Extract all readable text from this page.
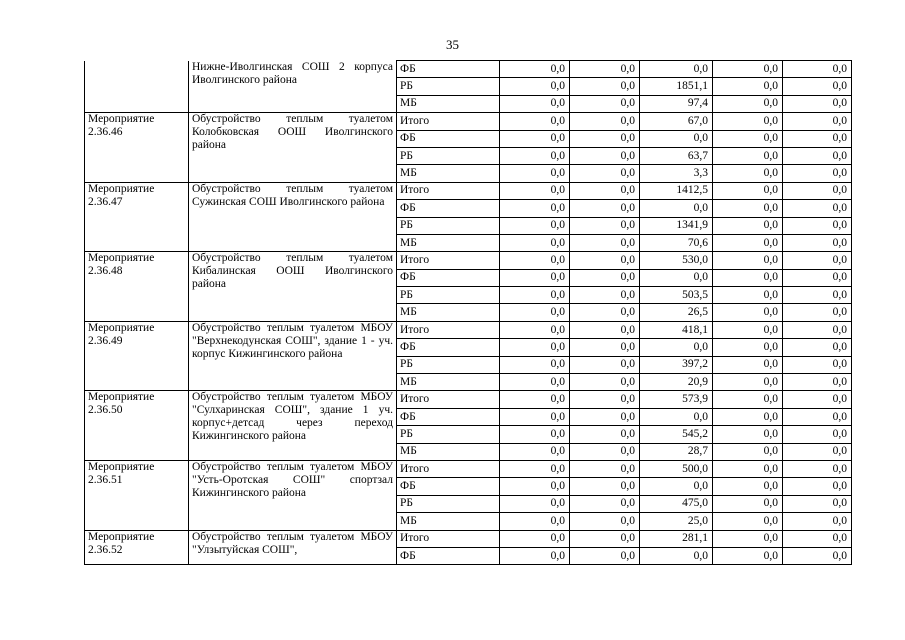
35
	Нижне-Иволгинская СОШ 2 корпуса Иволгинского района	ФБ	0,0	0,0	0,0	0,0	0,0
		РБ	0,0	0,0	1851,1	0,0	0,0
		МБ	0,0	0,0	97,4	0,0	0,0
Мероприятие 2.36.46	Обустройство теплым туалетом Колобковская ООШ Иволгинского района	Итого	0,0	0,0	67,0	0,0	0,0
		ФБ	0,0	0,0	0,0	0,0	0,0
		РБ	0,0	0,0	63,7	0,0	0,0
		МБ	0,0	0,0	3,3	0,0	0,0
Мероприятие 2.36.47	Обустройство теплым туалетом Сужинская СОШ Иволгинского района	Итого	0,0	0,0	1412,5	0,0	0,0
		ФБ	0,0	0,0	0,0	0,0	0,0
		РБ	0,0	0,0	1341,9	0,0	0,0
		МБ	0,0	0,0	70,6	0,0	0,0
Мероприятие 2.36.48	Обустройство теплым туалетом Кибалинская ООШ Иволгинского района	Итого	0,0	0,0	530,0	0,0	0,0
		ФБ	0,0	0,0	0,0	0,0	0,0
		РБ	0,0	0,0	503,5	0,0	0,0
		МБ	0,0	0,0	26,5	0,0	0,0
Мероприятие 2.36.49	Обустройство теплым туалетом МБОУ "Верхнекодунская СОШ", здание 1 - уч. корпус Кижингинского района	Итого	0,0	0,0	418,1	0,0	0,0
		ФБ	0,0	0,0	0,0	0,0	0,0
		РБ	0,0	0,0	397,2	0,0	0,0
		МБ	0,0	0,0	20,9	0,0	0,0
Мероприятие 2.36.50	Обустройство теплым туалетом МБОУ "Сулхаринская СОШ", здание 1 уч. корпус+детсад через переход Кижингинского района	Итого	0,0	0,0	573,9	0,0	0,0
		ФБ	0,0	0,0	0,0	0,0	0,0
		РБ	0,0	0,0	545,2	0,0	0,0
		МБ	0,0	0,0	28,7	0,0	0,0
Мероприятие 2.36.51	Обустройство теплым туалетом МБОУ "Усть-Оротская СОШ" спортзал Кижингинского района	Итого	0,0	0,0	500,0	0,0	0,0
		ФБ	0,0	0,0	0,0	0,0	0,0
		РБ	0,0	0,0	475,0	0,0	0,0
		МБ	0,0	0,0	25,0	0,0	0,0
Мероприятие 2.36.52	Обустройство теплым туалетом МБОУ "Улзытуйская СОШ",	Итого	0,0	0,0	281,1	0,0	0,0
		ФБ	0,0	0,0	0,0	0,0	0,0
